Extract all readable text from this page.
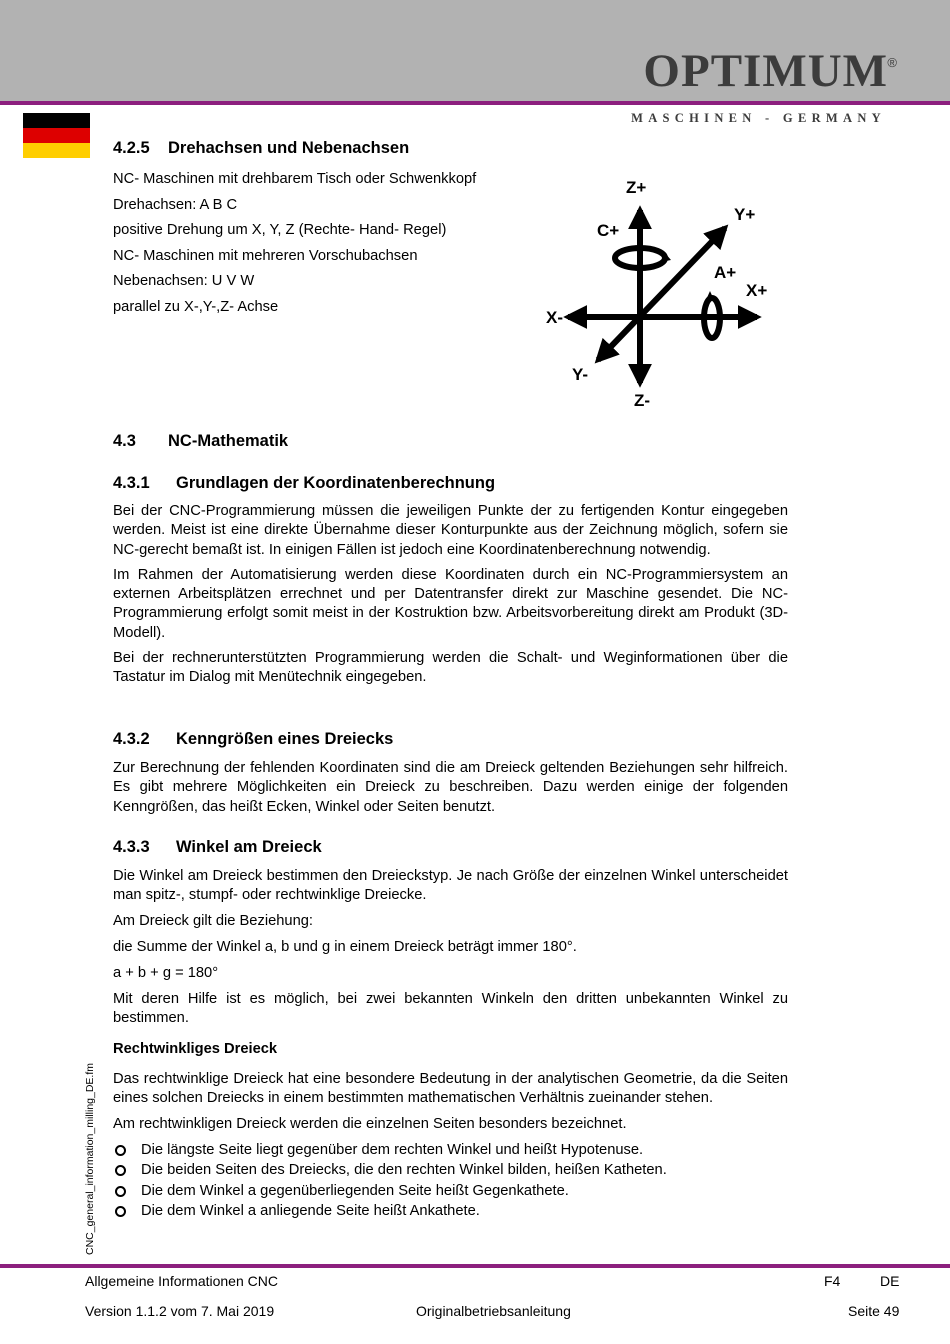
OPTIMUM ®
MASCHINEN - GERMANY
CNC_general_information_milling_DE.fm
Z+
Y+
C+
A+
X+
X-
Y-
Z-
4.2.5	Drehachsen und Nebenachsen
NC- Maschinen mit drehbarem Tisch oder Schwenkkopf
Drehachsen: A B C
positive Drehung um X, Y, Z (Rechte- Hand- Regel)
NC- Maschinen mit mehreren Vorschubachsen
Nebenachsen: U V W
parallel zu X-,Y-,Z- Achse
4.3	NC-Mathematik
4.3.1	Grundlagen der Koordinatenberechnung
Bei der CNC-Programmierung müssen die jeweiligen Punkte der zu fertigenden Kontur eingegeben werden. Meist ist eine direkte Übernahme dieser Konturpunkte aus der Zeichnung möglich, sofern sie NC-gerecht bemaßt ist. In einigen Fällen ist jedoch eine Koordinatenberechnung notwendig.
Im Rahmen der Automatisierung werden diese Koordinaten durch ein NC-Programmiersystem an externen Arbeitsplätzen errechnet und per Datentransfer direkt zur Maschine gesendet. Die NC-Programmierung erfolgt somit meist in der Kostruktion bzw. Arbeitsvorbereitung direkt am Produkt (3D-Modell).
Bei der rechnerunterstützten Programmierung werden die Schalt- und Weginformationen über die Tastatur im Dialog mit Menütechnik eingegeben.
4.3.2	Kenngrößen eines Dreiecks
Zur Berechnung der fehlenden Koordinaten sind die am Dreieck geltenden Beziehungen sehr hilfreich. Es gibt mehrere Möglichkeiten ein Dreieck zu beschreiben. Dazu werden einige der folgenden Kenngrößen, das heißt Ecken, Winkel oder Seiten benutzt.
4.3.3	Winkel am Dreieck
Die Winkel am Dreieck bestimmen den Dreieckstyp. Je nach Größe der einzelnen Winkel unterscheidet man spitz-, stumpf- oder rechtwinklige Dreiecke.
Am Dreieck gilt die Beziehung:
die Summe der Winkel a, b und g in einem Dreieck beträgt immer 180°.
a + b + g = 180°
Mit deren Hilfe ist es möglich, bei zwei bekannten Winkeln den dritten unbekannten Winkel zu bestimmen.
Rechtwinkliges Dreieck
Das rechtwinklige Dreieck hat eine besondere Bedeutung in der analytischen Geometrie, da die Seiten eines solchen Dreiecks in einem bestimmten mathematischen Verhältnis zueinander stehen.
Am rechtwinkligen Dreieck werden die einzelnen Seiten besonders bezeichnet.
Die längste Seite liegt gegenüber dem rechten Winkel und heißt Hypotenuse.
Die beiden Seiten des Dreiecks, die den rechten Winkel bilden, heißen Katheten.
Die dem Winkel a gegenüberliegenden Seite heißt Gegenkathete.
Die dem Winkel a anliegende Seite heißt Ankathete.
Allgemeine Informationen CNC	F4	DE
Version 1.1.2 vom 7. Mai 2019	Originalbetriebsanleitung	Seite 49
